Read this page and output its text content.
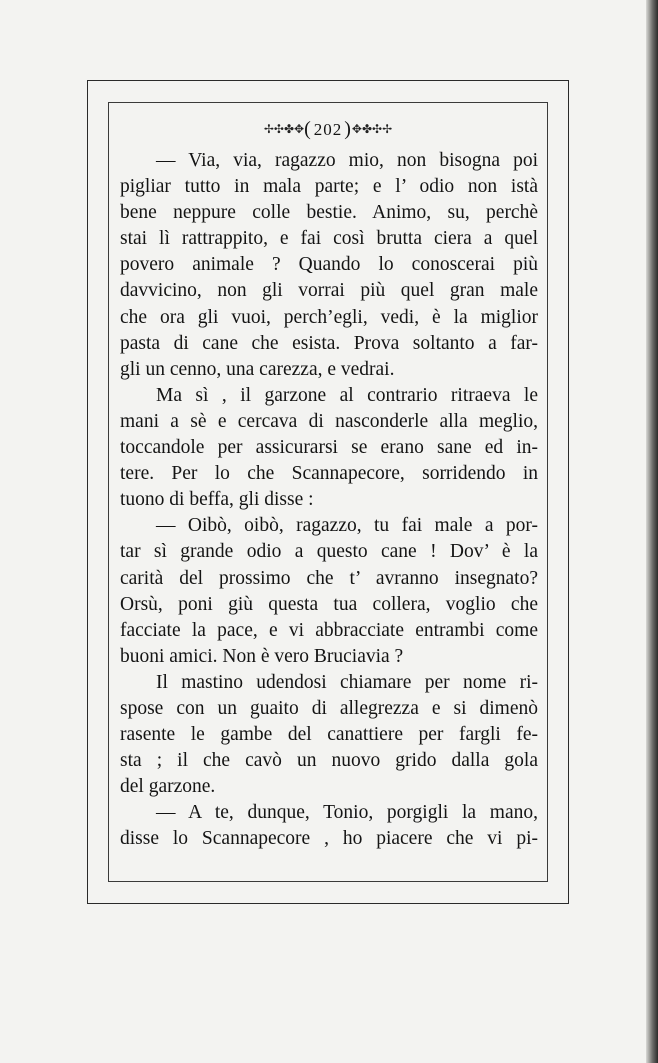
✢✣✤✥( 202 )✥✤✣✢
— Via, via, ragazzo mio, non bisogna poi
pigliar tutto in mala parte; e l’ odio non istà
bene neppure colle bestie. Animo, su, perchè
stai lì rattrappito, e fai così brutta ciera a quel
povero animale ? Quando lo conoscerai più
davvicino, non gli vorrai più quel gran male
che ora gli vuoi, perch’egli, vedi, è la miglior
pasta di cane che esista. Prova soltanto a far-
gli un cenno, una carezza, e vedrai.
Ma sì , il garzone al contrario ritraeva le
mani a sè e cercava di nasconderle alla meglio,
toccandole per assicurarsi se erano sane ed in-
tere. Per lo che Scannapecore, sorridendo in
tuono di beffa, gli disse :
— Oibò, oibò, ragazzo, tu fai male a por-
tar sì grande odio a questo cane ! Dov’ è la
carità del prossimo che t’ avranno insegnato?
Orsù, poni giù questa tua collera, voglio che
facciate la pace, e vi abbracciate entrambi come
buoni amici. Non è vero Bruciavia ?
Il mastino udendosi chiamare per nome ri-
spose con un guaito di allegrezza e si dimenò
rasente le gambe del canattiere per fargli fe-
sta ; il che cavò un nuovo grido dalla gola
del garzone.
— A te, dunque, Tonio, porgigli la mano,
disse lo Scannapecore , ho piacere che vi pi-
